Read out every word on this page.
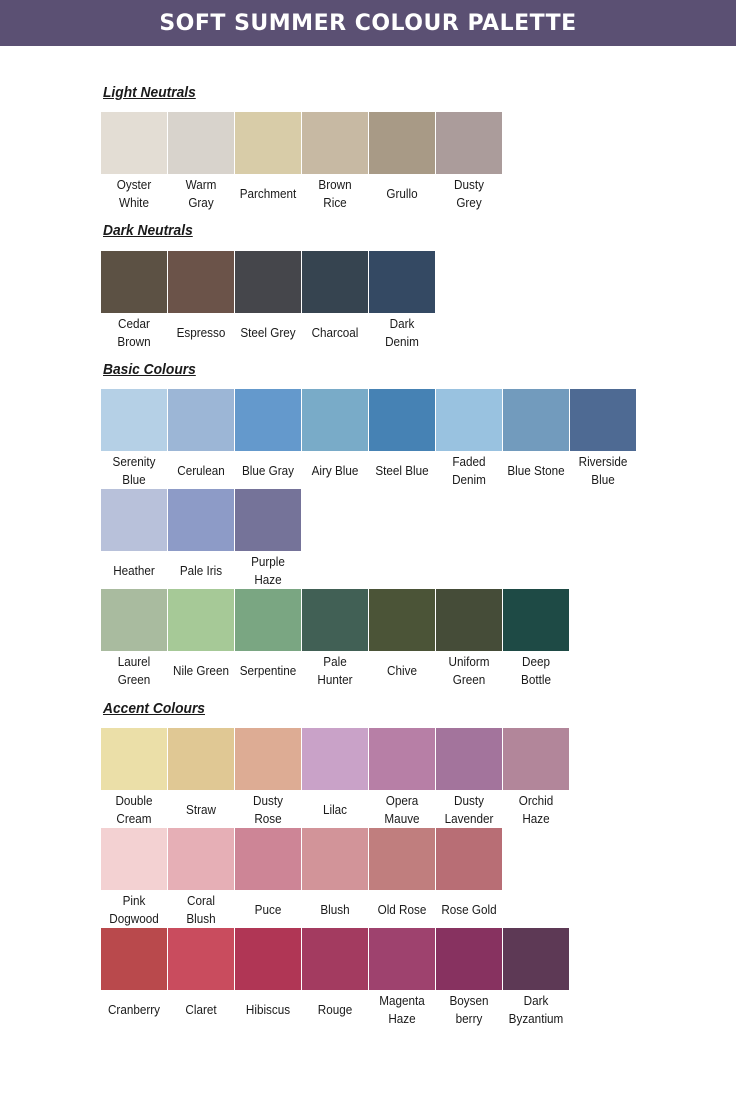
SOFT SUMMER COLOUR PALETTE
Light Neutrals
Oyster
White
Warm
Gray
Parchment
Brown
Rice
Grullo
Dusty
Grey
Dark Neutrals
Cedar
Brown
Espresso Steel Grey Charcoal
Dark
Denim
Basic Colours
Serenity
Blue
Cerulean Blue Gray Airy Blue Steel Blue
Faded
Denim
Blue Stone
Riverside
Blue
Heather Pale Iris
Purple
Haze
Laurel
Green
Nile Green Serpentine
Pale
Hunter
Chive
Uniform
Green
Deep
Bottle
Accent Colours
Double
Cream
Straw
Dusty
Rose
Lilac
Opera
Mauve
Dusty
Lavender
Orchid
Haze
Pink
Dogwood
Coral
Blush
Puce	Blush Old Rose Rose Gold
Cranberry Claret Hibiscus Rouge
Magenta
Haze
Boysen
berry
Dark
Byzantium
